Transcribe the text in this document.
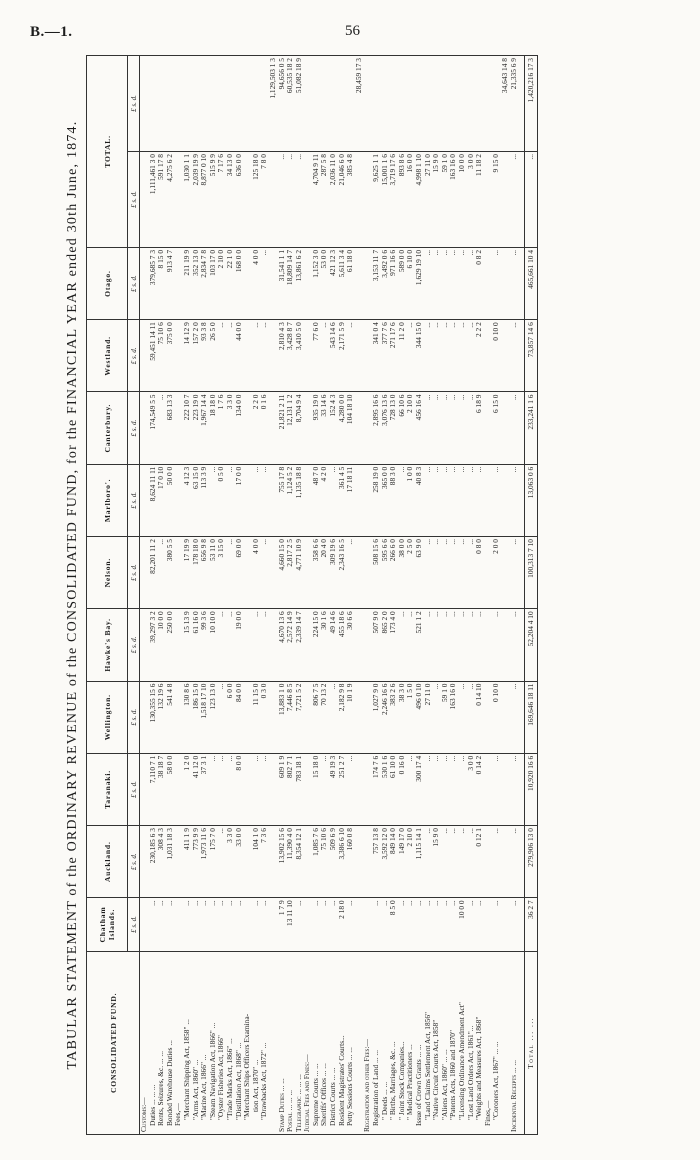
B.—1.	56
TABULAR STATEMENT of the ORDINARY REVENUE of the CONSOLIDATED FUND, for the FINANCIAL YEAR ended 30th June, 1874.	CONSOLIDATED FUND.	Chatham Islands.	Auckland.	Taranaki.	Wellington.	Hawke's Bay.	Nelson.	Marlboro'.	Canterbury.	Westland.	Otago.	TOTAL.	
	£ s. d.	£ s. d.	£ s. d.	£ s. d.	£ s. d.	£ s. d.	£ s. d.	£ s. d.	£ s. d.	£ s. d.	£ s. d.	£ s. d.
Customs:—												
Duties ... ... ...	...	230,185 6 3	7,110 7 1	130,355 15 6	39,297 3 2	82,201 11 2	8,624 11 11	174,549 5 5	59,451 14 11	379,685 7 3	1,111,461 3 0	
Rents, Seizures, &c. ... ...	...	308 4 3	38 18 7	132 19 6	10 0 0	...	17 0 10	...	75 10 6	8 15 0	591 17 8	
Bonded Warehouse Duties ...	...	1,031 18 3	58 0 0	541 4 8	250 0 0	380 5 5	50 0 0	683 13 3	375 0 0	913 4 7	4,275 6 2	
Fees,—												
"Merchant Shipping Act, 1858" ...	...	411 1 9	1 2 0	130 8 6	15 13 9	17 19 9	4 12 3	222 10 7	14 12 9	211 19 9	1,030 1 1	
"Arms Act, 1860" ...	...	773 9 9	41 12 0	186 15 0	61 16 0	178 18 0	63 15 0	223 19 0	157 2 0	352 13 0	2,039 19 9	
"Marine Act, 1866" ...	...	1,973 11 6	37 3 1	1,518 17 10	99 3 6	656 9 8	113 3 9	1,967 14 4	93 3 8	2,834 7 8	8,877 0 10	
"Steam Navigation Act, 1866" ...	...	175 7 0	...	123 13 0	10 10 0	53 11 0	...	18 18 0	26 5 0	103 17 0	515 9 9	
"Oyster Fisheries Act, 1866"	...	...	...	...	...	3 15 0	0 5 0	1 7 6	...	2 10 0	7 17 6	
"Trade Marks Act, 1866" ...	...	3 3 0	...	6 0 0	...	...	...	3 3 0	...	22 1 0	34 13 0	
"Distillation Act, 1868" ...	...	33 0 0	8 0 0	84 0 0	19 0 0	69 0 0	17 0 0	134 0 0	44 0 0	168 0 0	636 0 0	
"Merchant Ships Officers Examina-												
tion Act, 1870" ...	...	104 1 0	...	11 15 0	...	4 0 0	...	2 2 0	...	4 0 0	125 18 0	
"Drawbacks Act, 1872" ...	...	7 3 6	...	0 3 0	...	...	...	0 1 6	...	...	7 8 0	
												1,129,503 1 3
Stamp Duties ... ...	1 7 9	13,902 15 6	609 1 9	13,883 1 0	4,670 13 6	4,660 15 0	755 17 8	21,821 2 11	2,810 4 3	31,541 1 1	...	94,656 0 5
Postal ... ... ...	13 11 10	11,390 4 0	802 7 1	7,446 8 5	2,572 14 9	2,817 2 5	1,124 5 2	12,131 1 2	3,428 8 7	18,809 14 7	...	60,535 18 2
Telegraphic ... ... ...	...	8,354 12 1	783 18 1	7,721 5 2	2,339 14 7	4,771 10 9	1,135 18 8	8,704 9 4	3,410 5 0	13,861 6 2	...	51,082 18 9
Judicial Fees and Fines:—												
Supreme Courts ... ...	...	1,085 7 6	15 18 0	806 7 5	224 15 0	358 6 6	48 7 0	935 19 0	77 6 0	1,152 3 0	4,704 9 11	
Sheriffs' Offices ... ...	...	75 10 6	...	70 13 2	30 1 6	20 4 0	4 2 0	33 14 6	...	53 0 0	287 5 8	
District Courts ... ...	...	509 6 9	49 19 3	...	49 14 6	309 19 6	...	152 4 3	543 14 6	421 12 3	2,036 11 0	
Resident Magistrates' Courts...	2 18 0	3,386 6 10	251 2 7	2,182 9 8	455 18 6	2,343 16 5	361 4 5	4,280 0 0	2,171 5 9	5,611 3 4	21,046 6 0	
Petty Sessions Courts ... ...	...	160 0 8	...	10 1 9	30 6 6	...	17 18 11	104 18 10	...	61 18 0	385 4 8	
												28,459 17 3
Registration and other Fees:—												
Registration of Land ... ...	...	757 13 8	174 7 6	1,027 9 0	507 9 0	508 15 6	258 19 0	2,895 16 6	341 0 4	3,153 11 7	9,625 1 1	
" Deeds ... ...	...	3,592 12 0	530 1 6	2,246 16 6	865 2 0	595 6 6	365 0 0	3,076 13 6	377 7 6	3,492 0 6	15,001 1 6	
" Births, Marriages, &c. ...	8 5 0	849 14 0	61 10 0	383 2 6	173 4 0	266 6 0	88 3 0	728 13 0	271 17 6	971 16 6	3,719 17 6	
" Joint Stock Companies...	...	149 17 0	0 16 0	38 3 0	...	38 0 0	...	66 10 6	11 2 0	589 0 0	893 8 6	
" Medical Practitioners ...	...	2 10 0	...	1 5 0	...	2 5 0	1 0 0	2 10 0	...	6 10 0	16 0 0	
Issue of Crown Grants ... ...	...	1,115 14 1	300 17 4	496 0 10	521 1 2	63 9 0	40 8 3	456 16 4	344 15 0	1,629 19 10	4,998 1 10	
"Land Claims Settlement Act, 1856"	...	...	...	27 11 0	...	...	...	...	...	...	27 11 0	
"Native Circuit Courts Act, 1858"	...	15 9 0	...	...	...	...	...	...	...	...	15 9 0	
"Aliens Act, 1860" ... ...	...	...	...	59 1 0	...	...	...	...	...	...	59 1 0	
"Patents Acts, 1860 and 1870"	...	...	...	163 16 0	...	...	...	...	...	...	163 16 0	
"Licensing Ordinance Amendment Act"	10 0 0	...	...	...	...	...	...	...	...	...	10 0 0	
"Lost Land Orders Act, 1861"...	...	...	3 0 0	...	...	...	...	...	...	...	3 0 0	
"Weights and Measures Act, 1868"	...	0 12 1	0 14 2	0 14 10	...	0 8 0	...	6 18 9	2 2 2	0 8 2	11 18 2	
Fines,—												
"Coroners Act, 1867" ... ...	...	...	...	0 10 0	...	2 0 0	...	6 15 0	0 10 0	...	9 15 0	
												34,643 14 8
Incidental Receipts ... ...	...	...	...	...	...	...	...	...	...	...	...	21,335 6 9

Total ... ...	36 2 7	279,906 13 0	10,920 16 6	169,646 18 11	52,204 4 10	100,313 7 10	13,063 0 6	233,241 1 6	73,857 14 6	465,661 10 4	...	1,420,216 17 3
